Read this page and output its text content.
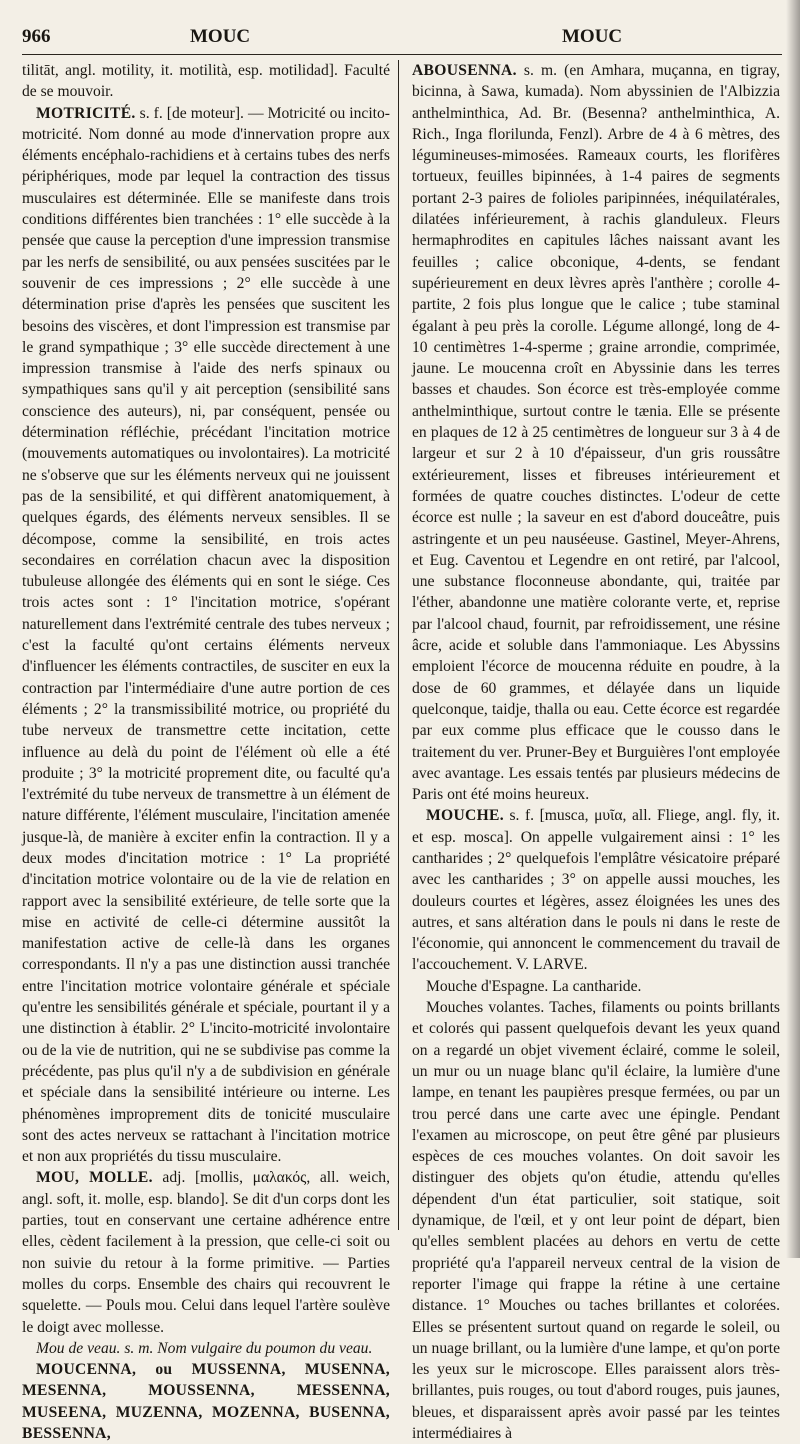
966	MOUC	MOUC

tilitāt, angl. motility, it. motilità, esp. motilidad]. Faculté de se mouvoir.

MOTRICITÉ. s. f. [de moteur]. — Motricité ou incito-motricité. Nom donné au mode d'innervation propre aux éléments encéphalo-rachidiens et à certains tubes des nerfs périphériques, mode par lequel la contraction des tissus musculaires est déterminée. Elle se manifeste dans trois conditions différentes bien tranchées : 1° elle succède à la pensée que cause la perception d'une impression transmise par les nerfs de sensibilité, ou aux pensées suscitées par le souvenir de ces impressions ; 2° elle succède à une détermination prise d'après les pensées que suscitent les besoins des viscères, et dont l'impression est transmise par le grand sympathique ; 3° elle succède directement à une impression transmise à l'aide des nerfs spinaux ou sympathiques sans qu'il y ait perception (sensibilité sans conscience des auteurs), ni, par conséquent, pensée ou détermination réfléchie, précédant l'incitation motrice (mouvements automatiques ou involontaires). La motricité ne s'observe que sur les éléments nerveux qui ne jouissent pas de la sensibilité, et qui diffèrent anatomiquement, à quelques égards, des éléments nerveux sensibles. Il se décompose, comme la sensibilité, en trois actes secondaires en corrélation chacun avec la disposition tubuleuse allongée des éléments qui en sont le siége. Ces trois actes sont : 1° l'incitation motrice, s'opérant naturellement dans l'extrémité centrale des tubes nerveux ; c'est la faculté qu'ont certains éléments nerveux d'influencer les éléments contractiles, de susciter en eux la contraction par l'intermédiaire d'une autre portion de ces éléments ; 2° la transmissibilité motrice, ou propriété du tube nerveux de transmettre cette incitation, cette influence au delà du point de l'élément où elle a été produite ; 3° la motricité proprement dite, ou faculté qu'a l'extrémité du tube nerveux de transmettre à un élément de nature différente, l'élément musculaire, l'incitation amenée jusque-là, de manière à exciter enfin la contraction. Il y a deux modes d'incitation motrice : 1° La propriété d'incitation motrice volontaire ou de la vie de relation en rapport avec la sensibilité extérieure, de telle sorte que la mise en activité de celle-ci détermine aussitôt la manifestation active de celle-là dans les organes correspondants. Il n'y a pas une distinction aussi tranchée entre l'incitation motrice volontaire générale et spéciale qu'entre les sensibilités générale et spéciale, pourtant il y a une distinction à établir. 2° L'incito-motricité involontaire ou de la vie de nutrition, qui ne se subdivise pas comme la précédente, pas plus qu'il n'y a de subdivision en générale et spéciale dans la sensibilité intérieure ou interne. Les phénomènes improprement dits de tonicité musculaire sont des actes nerveux se rattachant à l'incitation motrice et non aux propriétés du tissu musculaire.

MOU, MOLLE. adj. [mollis, μαλακός, all. weich, angl. soft, it. molle, esp. blando]. Se dit d'un corps dont les parties, tout en conservant une certaine adhérence entre elles, cèdent facilement à la pression, que celle-ci soit ou non suivie du retour à la forme primitive. — Parties molles du corps. Ensemble des chairs qui recouvrent le squelette. — Pouls mou. Celui dans lequel l'artère soulève le doigt avec mollesse.

Mou de veau. s. m. Nom vulgaire du poumon du veau.

MOUCENNA, ou MUSSENNA, MUSENNA, MESENNA, MOUSSENNA, MESSENNA, MUSEENA, MUZENNA, MOZENNA, BUSENNA, BESSENNA,

ABOUSENNA. s. m. (en Amhara, muçanna, en tigray, bicinna, à Sawa, kumada). Nom abyssinien de l'Albizzia anthelminthica, Ad. Br. (Besenna? anthelminthica, A. Rich., Inga florilunda, Fenzl). Arbre de 4 à 6 mètres, des légumineuses-mimosées. Rameaux courts, les florifères tortueux, feuilles bipinnées, à 1-4 paires de segments portant 2-3 paires de folioles paripinnées, inéquilatérales, dilatées inférieurement, à rachis glanduleux. Fleurs hermaphrodites en capitules lâches naissant avant les feuilles ; calice obconique, 4-dents, se fendant supérieurement en deux lèvres après l'anthère ; corolle 4-partite, 2 fois plus longue que le calice ; tube staminal égalant à peu près la corolle. Légume allongé, long de 4-10 centimètres 1-4-sperme ; graine arrondie, comprimée, jaune. Le moucenna croît en Abyssinie dans les terres basses et chaudes. Son écorce est très-employée comme anthelminthique, surtout contre le tænia. Elle se présente en plaques de 12 à 25 centimètres de longueur sur 3 à 4 de largeur et sur 2 à 10 d'épaisseur, d'un gris roussâtre extérieurement, lisses et fibreuses intérieurement et formées de quatre couches distinctes. L'odeur de cette écorce est nulle ; la saveur en est d'abord douceâtre, puis astringente et un peu nauséeuse. Gastinel, Meyer-Ahrens, et Eug. Caventou et Legendre en ont retiré, par l'alcool, une substance floconneuse abondante, qui, traitée par l'éther, abandonne une matière colorante verte, et, reprise par l'alcool chaud, fournit, par refroidissement, une résine âcre, acide et soluble dans l'ammoniaque. Les Abyssins emploient l'écorce de moucenna réduite en poudre, à la dose de 60 grammes, et délayée dans un liquide quelconque, taidje, thalla ou eau. Cette écorce est regardée par eux comme plus efficace que le cousso dans le traitement du ver. Pruner-Bey et Burguières l'ont employée avec avantage. Les essais tentés par plusieurs médecins de Paris ont été moins heureux.

MOUCHE. s. f. [musca, μυῖα, all. Fliege, angl. fly, it. et esp. mosca]. On appelle vulgairement ainsi : 1° les cantharides ; 2° quelquefois l'emplâtre vésicatoire préparé avec les cantharides ; 3° on appelle aussi mouches, les douleurs courtes et légères, assez éloignées les unes des autres, et sans altération dans le pouls ni dans le reste de l'économie, qui annoncent le commencement du travail de l'accouchement. V. LARVE.

Mouche d'Espagne. La cantharide.

Mouches volantes. Taches, filaments ou points brillants et colorés qui passent quelquefois devant les yeux quand on a regardé un objet vivement éclairé, comme le soleil, un mur ou un nuage blanc qu'il éclaire, la lumière d'une lampe, en tenant les paupières presque fermées, ou par un trou percé dans une carte avec une épingle. Pendant l'examen au microscope, on peut être gêné par plusieurs espèces de ces mouches volantes. On doit savoir les distinguer des objets qu'on étudie, attendu qu'elles dépendent d'un état particulier, soit statique, soit dynamique, de l'œil, et y ont leur point de départ, bien qu'elles semblent placées au dehors en vertu de cette propriété qu'a l'appareil nerveux central de la vision de reporter l'image qui frappe la rétine à une certaine distance. 1° Mouches ou taches brillantes et colorées. Elles se présentent surtout quand on regarde le soleil, ou un nuage brillant, ou la lumière d'une lampe, et qu'on porte les yeux sur le microscope. Elles paraissent alors très-brillantes, puis rouges, ou tout d'abord rouges, puis jaunes, bleues, et disparaissent après avoir passé par les teintes intermédiaires à
